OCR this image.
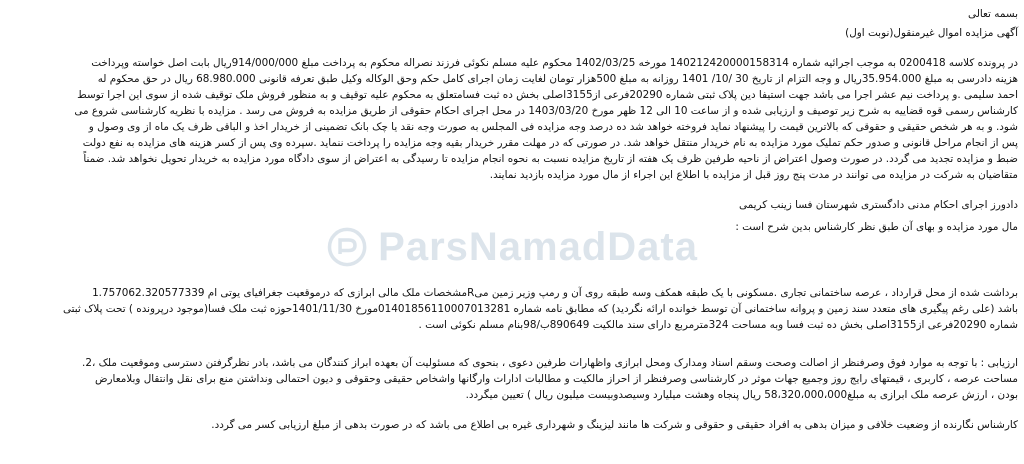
بسمه تعالی
آگهی مزایده اموال غیرمنقول(نوبت اول)
در پرونده کلاسه 0200418 به موجب اجرائیه شماره 140212420000158314 مورخه 1402/03/25 محکوم علیه مسلم نکوئی فرزند نصراله محکوم به پرداخت مبلغ 914/000/000ریال بابت اصل خواسته وپرداخت
هزینه دادرسی به مبلغ 35.954.000ریال و وجه التزام از تاریخ 30 /10/ 1401 روزانه به مبلغ 500هزار تومان لغایت زمان اجرای کامل حکم وحق الوکاله وکیل طبق تعرفه قانونی 68.980.000 ریال در حق محکوم له
احمد سلیمی .و پرداخت نیم عشر اجرا می باشد جهت استیفا دین پلاک ثبتی شماره 20290فرعی از3155اصلی بخش ده ثبت فسامتعلق به محکوم علیه توقیف و به منظور فروش ملک توقیف شده از سوی این اجرا توسط
کارشناس رسمی قوه قضاییه به شرح زیر توصیف و ارزیابی شده و از ساعت 10 الی 12 ظهر مورخ 1403/03/20 در محل اجرای احکام حقوقی از طریق مزایده به فروش می رسد . مزایده با نظریه کارشناسی شروع می
شود. و به هر شخص حقیقی و حقوقی که بالاترین قیمت را پیشنهاد نماید فروخته خواهد شد ده درصد وجه مزایده فی المجلس به صورت وجه نقد یا چک بانک تضمینی از خریدار اخذ و الباقی ظرف یک ماه از وی وصول و
پس از انجام مراحل قانونی و صدور حکم تملیک مورد مزایده به نام خریدار منتقل خواهد شد. در صورتی که در مهلت مقرر خریدار بقیه وجه مزایده را پرداخت ننماید .سپرده وی پس از کسر هزینه های مزایده به نفع دولت
ضبط و مزایده تجدید می گردد. در صورت وصول اعتراض از ناحیه طرفین ظرف یک هفته از تاریخ مزایده نسبت به نحوه انجام مزایده تا رسیدگی به اعتراض از سوی دادگاه مورد مزایده به خریدار تحویل نخواهد شد. ضمناً
متقاضیان به شرکت در مزایده می توانند در مدت پنج روز قبل از مزایده با اطلاع این اجراء از مال مورد مزایده بازدید نمایند.
دادورز اجرای احکام مدنی دادگستری شهرستان فسا زینب کریمی
مال مورد مزایده و بهای آن طبق نظر کارشناس بدین شرح است :
برداشت شده از محل قرارداد ، عرصه ساختمانی تجاری .مسکونی با یک طبقه همکف وسه طبقه روی آن و رمپ وزیر زمین میRمشخصات ملک مالی ابرازی که درموقعیت جغرافیای یوتی ام 1.757062.320577339
باشد (علی رغم پیگیری های متعدد سند زمین و پروانه ساختمانی آن توسط خوانده ارائه نگردید) که مطابق نامه شماره 01401856110007013281مورخ 1401/11/30حوزه ثبت ملک فسا(موجود درپرونده ) تحت پلاک ثبتی
شماره 20290فرعی از3155اصلی بخش ده ثبت فسا وبه مساحت 324مترمربع دارای سند مالکیت 890649ب/98بنام مسلم نکوئی است .
ارزیابی : با توجه به موارد فوق وصرفنظر از اصالت وصحت وسقم اسناد ومدارک ومحل ابرازی واظهارات طرفین دعوی ، بنحوی که مسئولیت آن بعهده ابراز کنندگان می باشد، بادر نظرگرفتن دسترسی وموقعیت ملک ،2.
مساحت عرصه ، کاربری ، قیمتهای رایج روز وجمیع جهات موثر در کارشناسی وصرفنظر از احراز مالکیت و مطالبات ادارات وارگانها واشخاص حقیقی وحقوقی و دیون احتمالی ونداشتن منع برای نقل وانتقال وبلامعارض
بودن ، ارزش عرصه ملک ابرازی به مبلغ58،320،000،000 ریال پنجاه وهشت میلیارد وسیصدوبیست میلیون ریال ) تعیین میگردد.
کارشناس نگارنده از وضعیت خلافی و میزان بدهی به افراد حقیقی و حقوقی و شرکت ها مانند لیزینگ و شهرداری غیره بی اطلاع می باشد که در صورت بدهی از مبلغ ارزیابی کسر می گردد.
ParsNamadData
